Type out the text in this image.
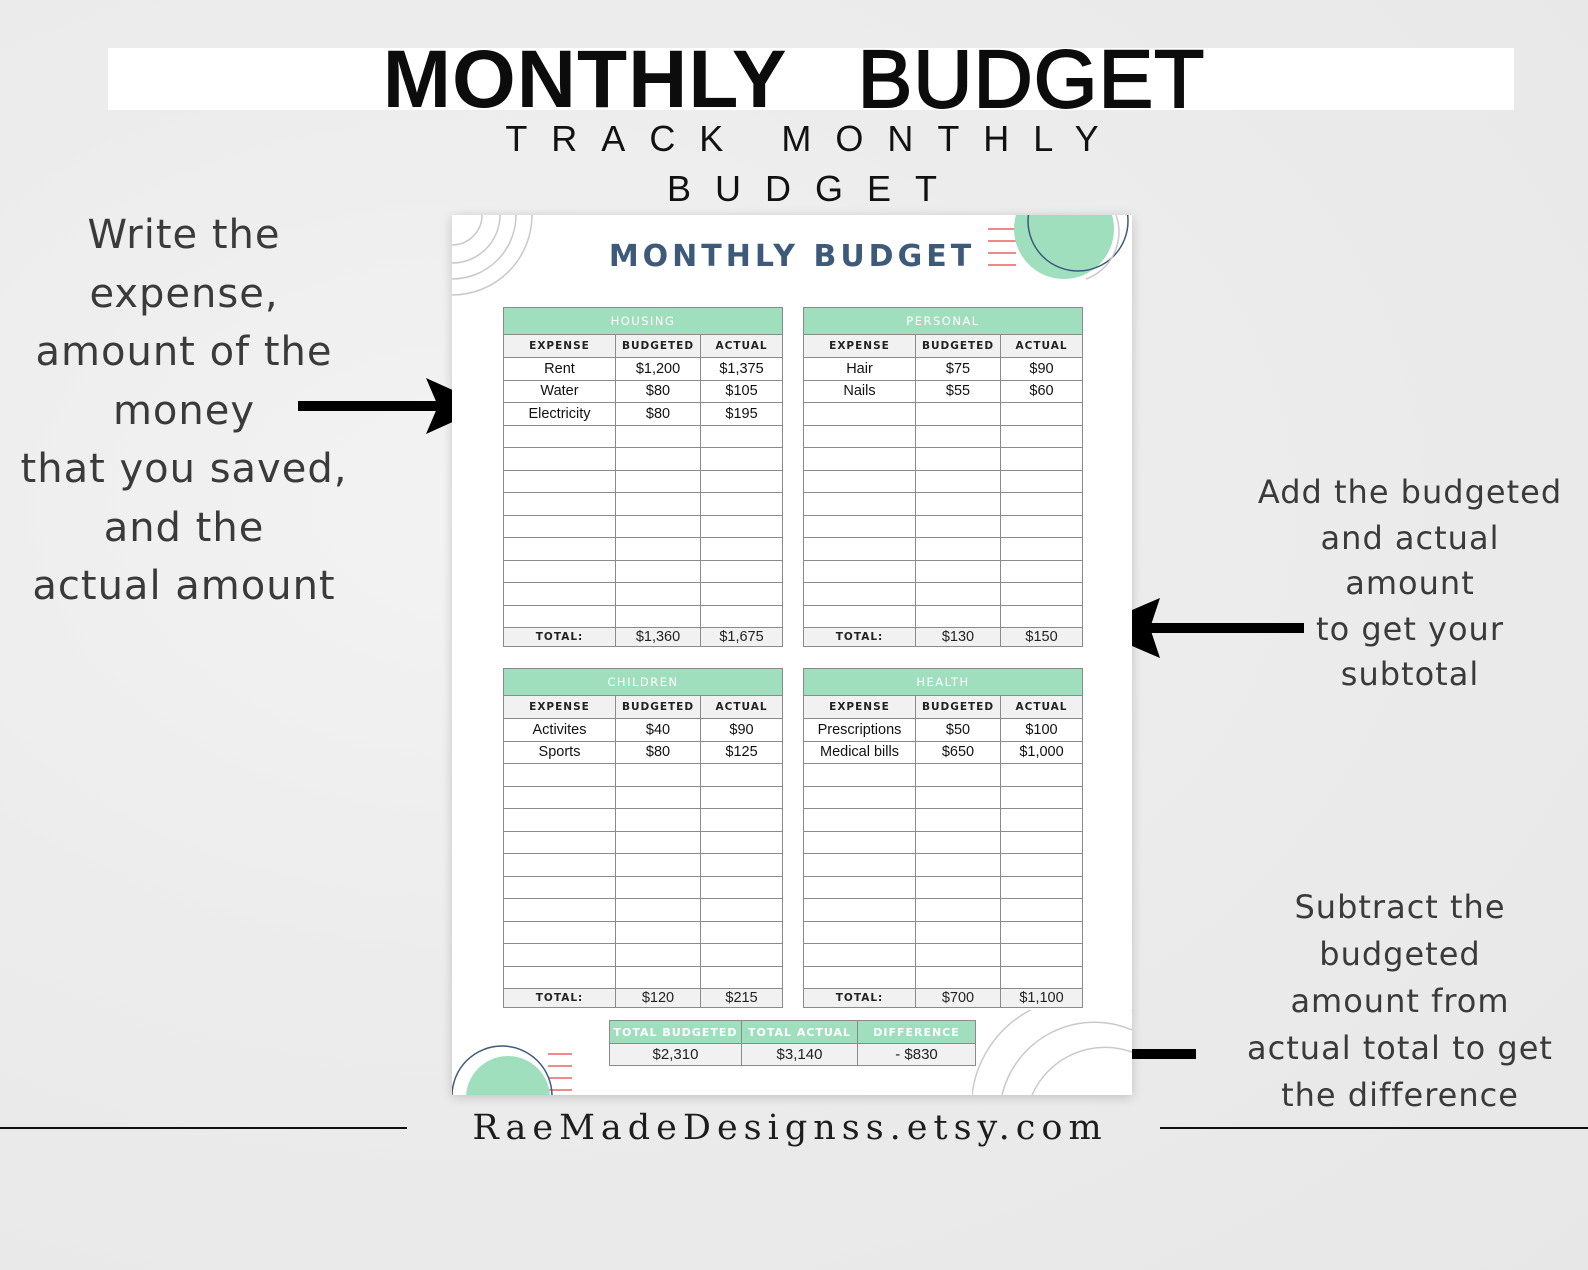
MONTHLY BUDGET
TRACK MONTHLY
BUDGET
Write the
expense,
amount of the
money
that you saved,
and the
actual amount
Add the budgeted
and actual
amount
to get your
subtotal
Subtract the
budgeted
amount from
actual total to get
the difference
MONTHLY BUDGET
HOUSING		
EXPENSE	BUDGETED	ACTUAL
Rent	$1,200	$1,375
Water	$80	$105
Electricity	$80	$195

TOTAL:	$1,360	$1,675
PERSONAL		
EXPENSE	BUDGETED	ACTUAL
Hair	$75	$90
Nails	$55	$60

TOTAL:	$130	$150
CHILDREN		
EXPENSE	BUDGETED	ACTUAL
Activites	$40	$90
Sports	$80	$125

TOTAL:	$120	$215
HEALTH		
EXPENSE	BUDGETED	ACTUAL
Prescriptions	$50	$100
Medical bills	$650	$1,000

TOTAL:	$700	$1,100
TOTAL BUDGETED	TOTAL ACTUAL	DIFFERENCE
$2,310	$3,140	- $830
RaeMadeDesignss.etsy.com
